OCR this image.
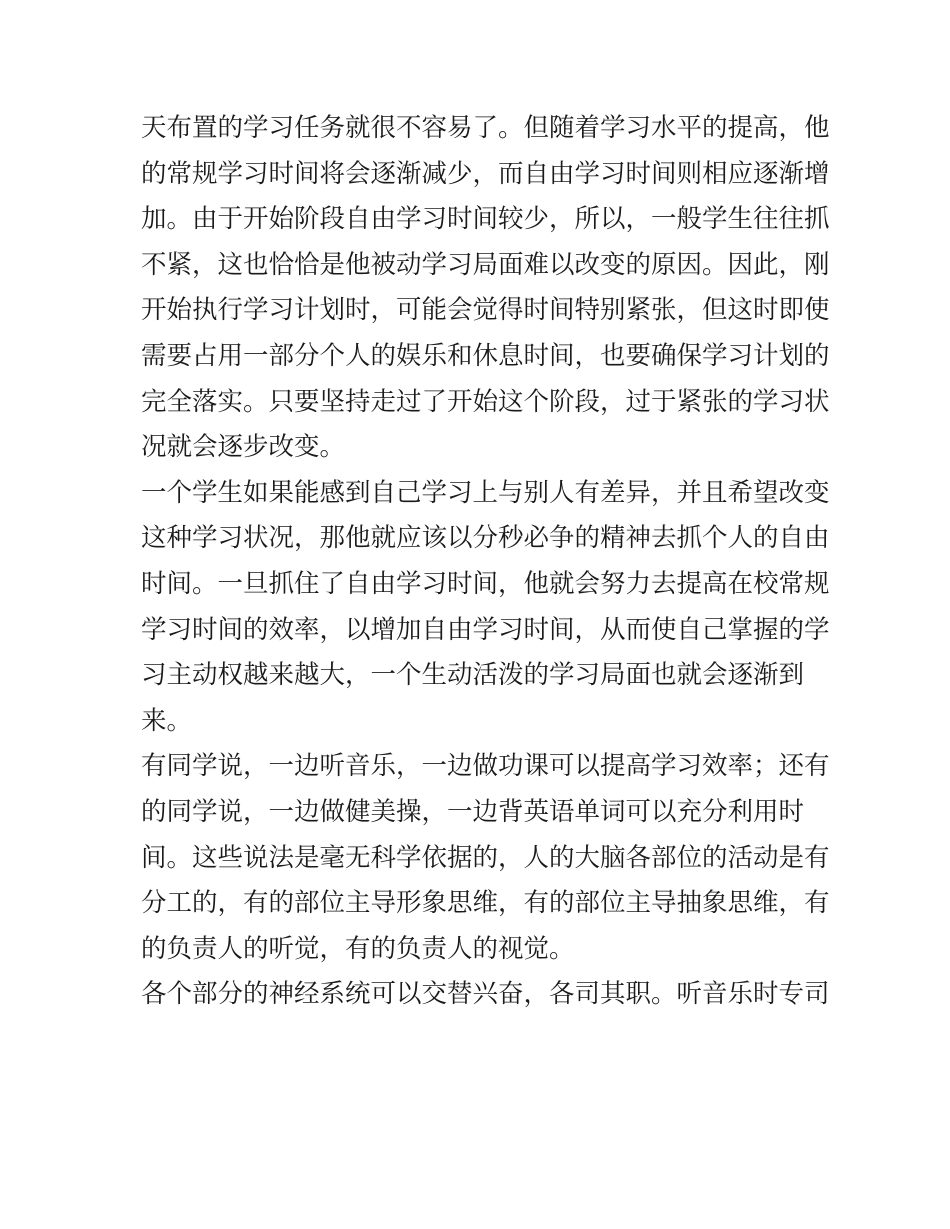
天布置的学习任务就很不容易了。但随着学习水平的提高，他
的常规学习时间将会逐渐减少，而自由学习时间则相应逐渐增
加。由于开始阶段自由学习时间较少，所以，一般学生往往抓
不紧，这也恰恰是他被动学习局面难以改变的原因。因此，刚
开始执行学习计划时，可能会觉得时间特别紧张，但这时即使
需要占用一部分个人的娱乐和休息时间，也要确保学习计划的
完全落实。只要坚持走过了开始这个阶段，过于紧张的学习状
况就会逐步改变。
一个学生如果能感到自己学习上与别人有差异，并且希望改变
这种学习状况，那他就应该以分秒必争的精神去抓个人的自由
时间。一旦抓住了自由学习时间，他就会努力去提高在校常规
学习时间的效率，以增加自由学习时间，从而使自己掌握的学
习主动权越来越大，一个生动活泼的学习局面也就会逐渐到
来。
有同学说，一边听音乐，一边做功课可以提高学习效率；还有
的同学说，一边做健美操，一边背英语单词可以充分利用时
间。这些说法是毫无科学依据的，人的大脑各部位的活动是有
分工的，有的部位主导形象思维，有的部位主导抽象思维，有
的负责人的听觉，有的负责人的视觉。
各个部分的神经系统可以交替兴奋，各司其职。听音乐时专司
